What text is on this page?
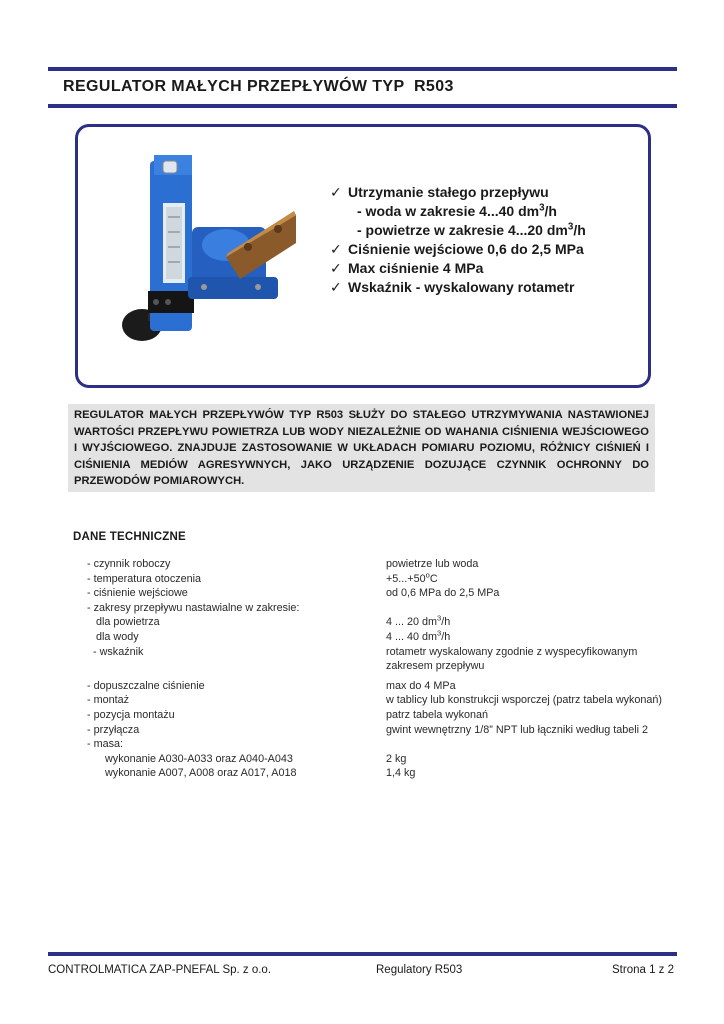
REGULATOR MAŁYCH PRZEPŁYWÓW TYP  R503
✓ Utrzymanie stałego przepływu
- woda w zakresie 4...40 $dm^3/h$
- powietrze w zakresie 4...20 $dm^3/h$
✓ Ciśnienie wejściowe 0,6 do 2,5 MPa
✓ Max ciśnienie 4 MPa
✓ Wskaźnik - wyskalowany rotametr
REGULATOR MAŁYCH PRZEPŁYWÓW TYP R503 SŁUŻY DO STAŁEGO UTRZYMYWANIA NASTAWIONEJ WARTOŚCI PRZEPŁYWU POWIETRZA LUB WODY NIEZALEŻNIE OD WAHANIA CIŚNIENIA WEJŚCIOWEGO I WYJŚCIOWEGO. ZNAJDUJE ZASTOSOWANIE W UKŁADACH POMIARU POZIOMU, RÓŻNICY CIŚNIEŃ I CIŚNIENIA MEDIÓW AGRESYWNYCH, JAKO URZĄDZENIE DOZUJĄCE CZYNNIK OCHRONNY DO PRZEWODÓW POMIAROWYCH.
DANE TECHNICZNE
- czynnik roboczy	powietrze lub woda
- temperatura otoczenia	$+5...+50^oC$
- ciśnienie wejściowe	od 0,6 MPa do 2,5 MPa
- zakresy przepływu nastawialne w zakresie:
dla powietrza	4 ... 20 $dm^3/h$
dla wody	4 ... 40 $dm^3/h$
- wskaźnik	rotametr wyskalowany zgodnie z wyspecyfikowanym zakresem przepływu
- dopuszczalne ciśnienie	max do 4 MPa
- montaż	w tablicy lub konstrukcji wsporczej (patrz tabela wykonań)
- pozycja montażu	patrz tabela wykonań
- przyłącza	gwint wewnętrzny 1/8” NPT lub łączniki według tabeli 2
- masa:
wykonanie A030-A033 oraz A040-A043	2 kg
wykonanie A007, A008 oraz A017, A018	1,4 kg
CONTROLMATICA ZAP-PNEFAL Sp. z o.o.	Regulatory R503	Strona 1 z 2
